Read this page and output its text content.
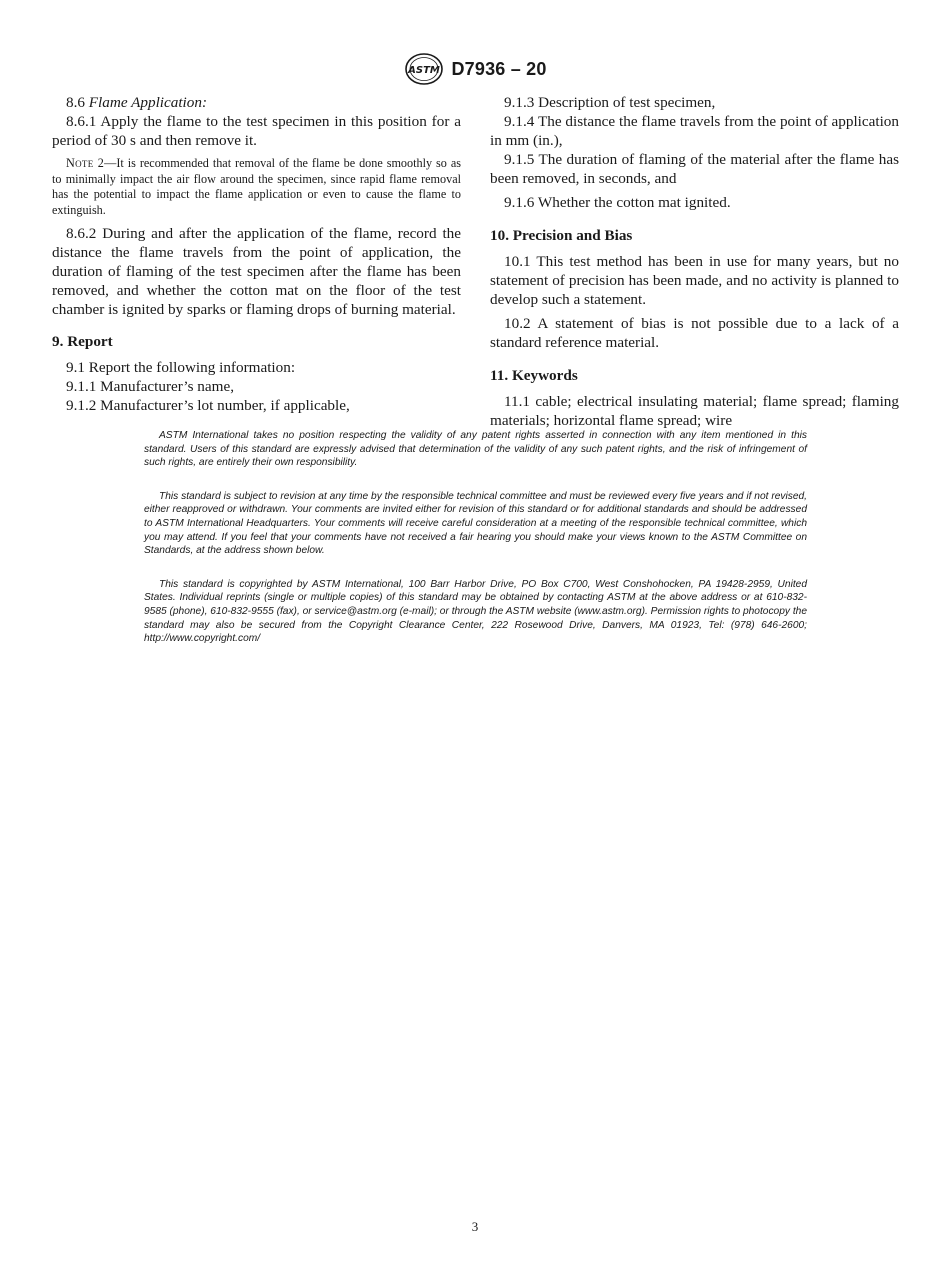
ASTM D7936 – 20

8.6 Flame Application:

8.6.1 Apply the flame to the test specimen in this position for a period of 30 s and then remove it.

Note 2—It is recommended that removal of the flame be done smoothly so as to minimally impact the air flow around the specimen, since rapid flame removal has the potential to impact the flame application or even to cause the flame to extinguish.

8.6.2 During and after the application of the flame, record the distance the flame travels from the point of application, the duration of flaming of the test specimen after the flame has been removed, and whether the cotton mat on the floor of the test chamber is ignited by sparks or flaming drops of burning material.

9. Report

9.1 Report the following information:

9.1.1 Manufacturer’s name,

9.1.2 Manufacturer’s lot number, if applicable,

9.1.3 Description of test specimen,

9.1.4 The distance the flame travels from the point of application in mm (in.),

9.1.5 The duration of flaming of the material after the flame has been removed, in seconds, and

9.1.6 Whether the cotton mat ignited.

10. Precision and Bias

10.1 This test method has been in use for many years, but no statement of precision has been made, and no activity is planned to develop such a statement.

10.2 A statement of bias is not possible due to a lack of a standard reference material.

11. Keywords

11.1 cable; electrical insulating material; flame spread; flaming materials; horizontal flame spread; wire

ASTM International takes no position respecting the validity of any patent rights asserted in connection with any item mentioned in this standard. Users of this standard are expressly advised that determination of the validity of any such patent rights, and the risk of infringement of such rights, are entirely their own responsibility.

This standard is subject to revision at any time by the responsible technical committee and must be reviewed every five years and if not revised, either reapproved or withdrawn. Your comments are invited either for revision of this standard or for additional standards and should be addressed to ASTM International Headquarters. Your comments will receive careful consideration at a meeting of the responsible technical committee, which you may attend. If you feel that your comments have not received a fair hearing you should make your views known to the ASTM Committee on Standards, at the address shown below.

This standard is copyrighted by ASTM International, 100 Barr Harbor Drive, PO Box C700, West Conshohocken, PA 19428-2959, United States. Individual reprints (single or multiple copies) of this standard may be obtained by contacting ASTM at the above address or at 610-832-9585 (phone), 610-832-9555 (fax), or service@astm.org (e-mail); or through the ASTM website (www.astm.org). Permission rights to photocopy the standard may also be secured from the Copyright Clearance Center, 222 Rosewood Drive, Danvers, MA 01923, Tel: (978) 646-2600; http://www.copyright.com/

3
